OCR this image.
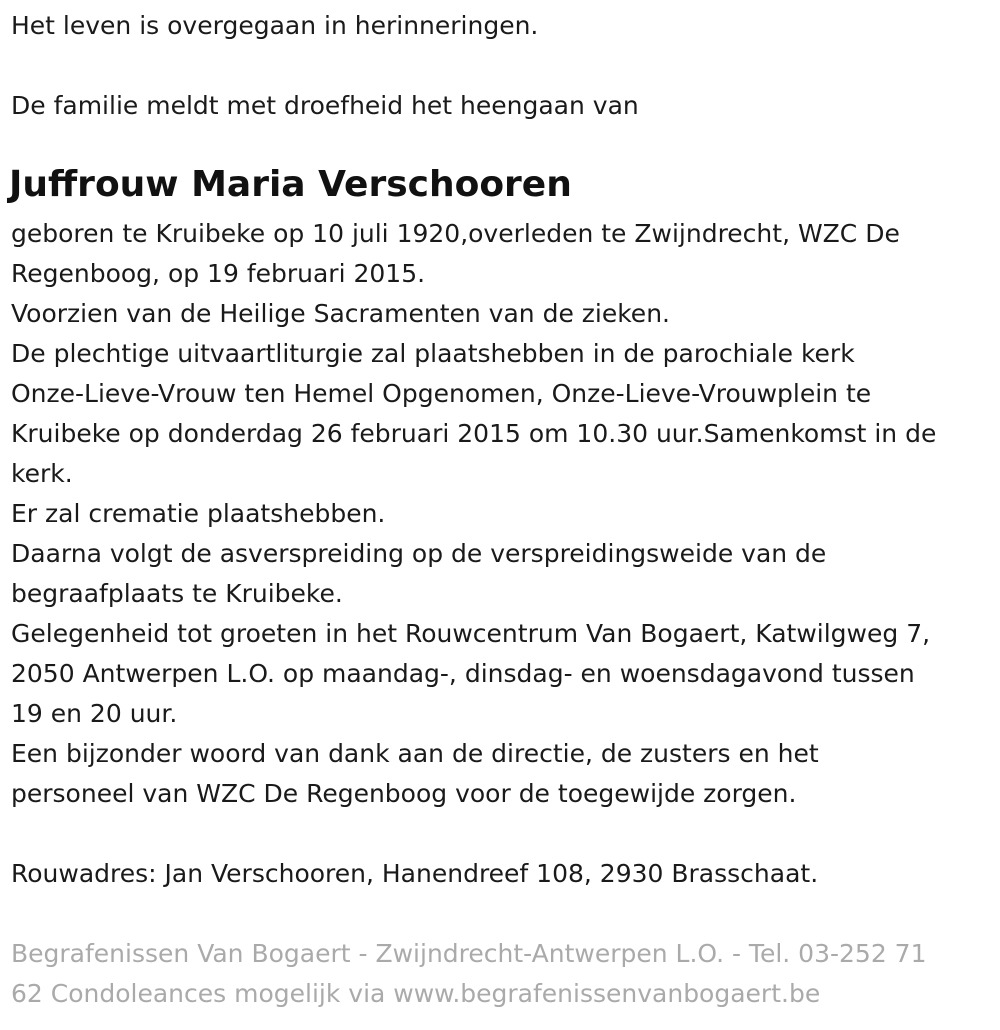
Het leven is overgegaan in herinneringen.

De familie meldt met droefheid het heengaan van

Juffrouw Maria Verschooren

geboren te Kruibeke op 10 juli 1920,overleden te Zwijndrecht, WZC De

Regenboog, op 19 februari 2015.

Voorzien van de Heilige Sacramenten van de zieken.

De plechtige uitvaartliturgie zal plaatshebben in de parochiale kerk

Onze-Lieve-Vrouw ten Hemel Opgenomen, Onze-Lieve-Vrouwplein te

Kruibeke op donderdag 26 februari 2015 om 10.30 uur.Samenkomst in de

kerk.

Er zal crematie plaatshebben.

Daarna volgt de asverspreiding op de verspreidingsweide van de

begraafplaats te Kruibeke.

Gelegenheid tot groeten in het Rouwcentrum Van Bogaert, Katwilgweg 7,

2050 Antwerpen L.O. op maandag-, dinsdag- en woensdagavond tussen

19 en 20 uur.

Een bijzonder woord van dank aan de directie, de zusters en het

personeel van WZC De Regenboog voor de toegewijde zorgen.

Rouwadres: Jan Verschooren, Hanendreef 108, 2930 Brasschaat.

Begrafenissen Van Bogaert - Zwijndrecht-Antwerpen L.O. - Tel. 03-252 71

62 Condoleances mogelijk via www.begrafenissenvanbogaert.be
